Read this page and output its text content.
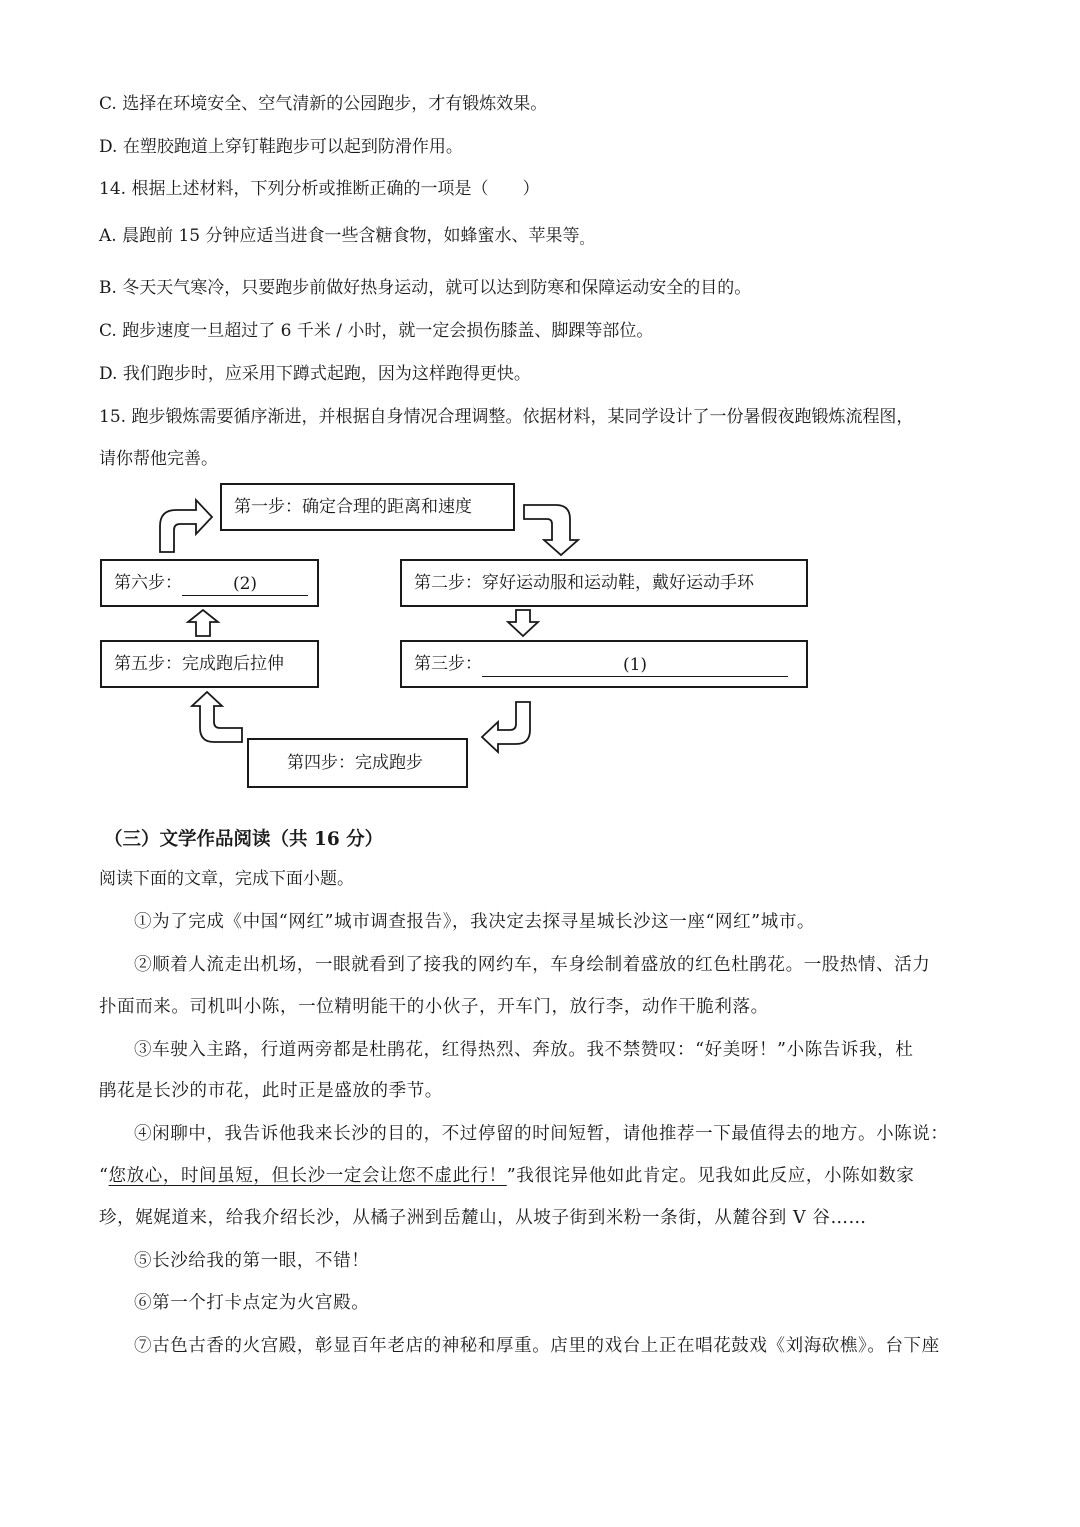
C. 选择在环境安全、空气清新的公园跑步，才有锻炼效果。
D. 在塑胶跑道上穿钉鞋跑步可以起到防滑作用。
14. 根据上述材料，下列分析或推断正确的一项是（　　）
A. 晨跑前 15 分钟应适当进食一些含糖食物，如蜂蜜水、苹果等。
B. 冬天天气寒冷，只要跑步前做好热身运动，就可以达到防寒和保障运动安全的目的。
C. 跑步速度一旦超过了 6 千米 / 小时，就一定会损伤膝盖、脚踝等部位。
D. 我们跑步时，应采用下蹲式起跑，因为这样跑得更快。
15. 跑步锻炼需要循序渐进，并根据自身情况合理调整。依据材料，某同学设计了一份暑假夜跑锻炼流程图，
请你帮他完善。
第一步：确定合理的距离和速度
第二步：穿好运动服和运动鞋，戴好运动手环
第三步：	(1)
第四步：完成跑步
第五步：完成跑后拉伸
第六步：	(2)
（三）文学作品阅读（共 16 分）
阅读下面的文章，完成下面小题。
①为了完成《中国“网红”城市调查报告》，我决定去探寻星城长沙这一座“网红”城市。
②顺着人流走出机场，一眼就看到了接我的网约车，车身绘制着盛放的红色杜鹃花。一股热情、活力
扑面而来。司机叫小陈，一位精明能干的小伙子，开车门，放行李，动作干脆利落。
③车驶入主路，行道两旁都是杜鹃花，红得热烈、奔放。我不禁赞叹：“好美呀！”小陈告诉我，杜
鹃花是长沙的市花，此时正是盛放的季节。
④闲聊中，我告诉他我来长沙的目的，不过停留的时间短暂，请他推荐一下最值得去的地方。小陈说：
“您放心，时间虽短，但长沙一定会让您不虚此行！”我很诧异他如此肯定。见我如此反应，小陈如数家
珍，娓娓道来，给我介绍长沙，从橘子洲到岳麓山，从坡子街到米粉一条街，从麓谷到 V 谷……
⑤长沙给我的第一眼，不错！
⑥第一个打卡点定为火宫殿。
⑦古色古香的火宫殿，彰显百年老店的神秘和厚重。店里的戏台上正在唱花鼓戏《刘海砍樵》。台下座
